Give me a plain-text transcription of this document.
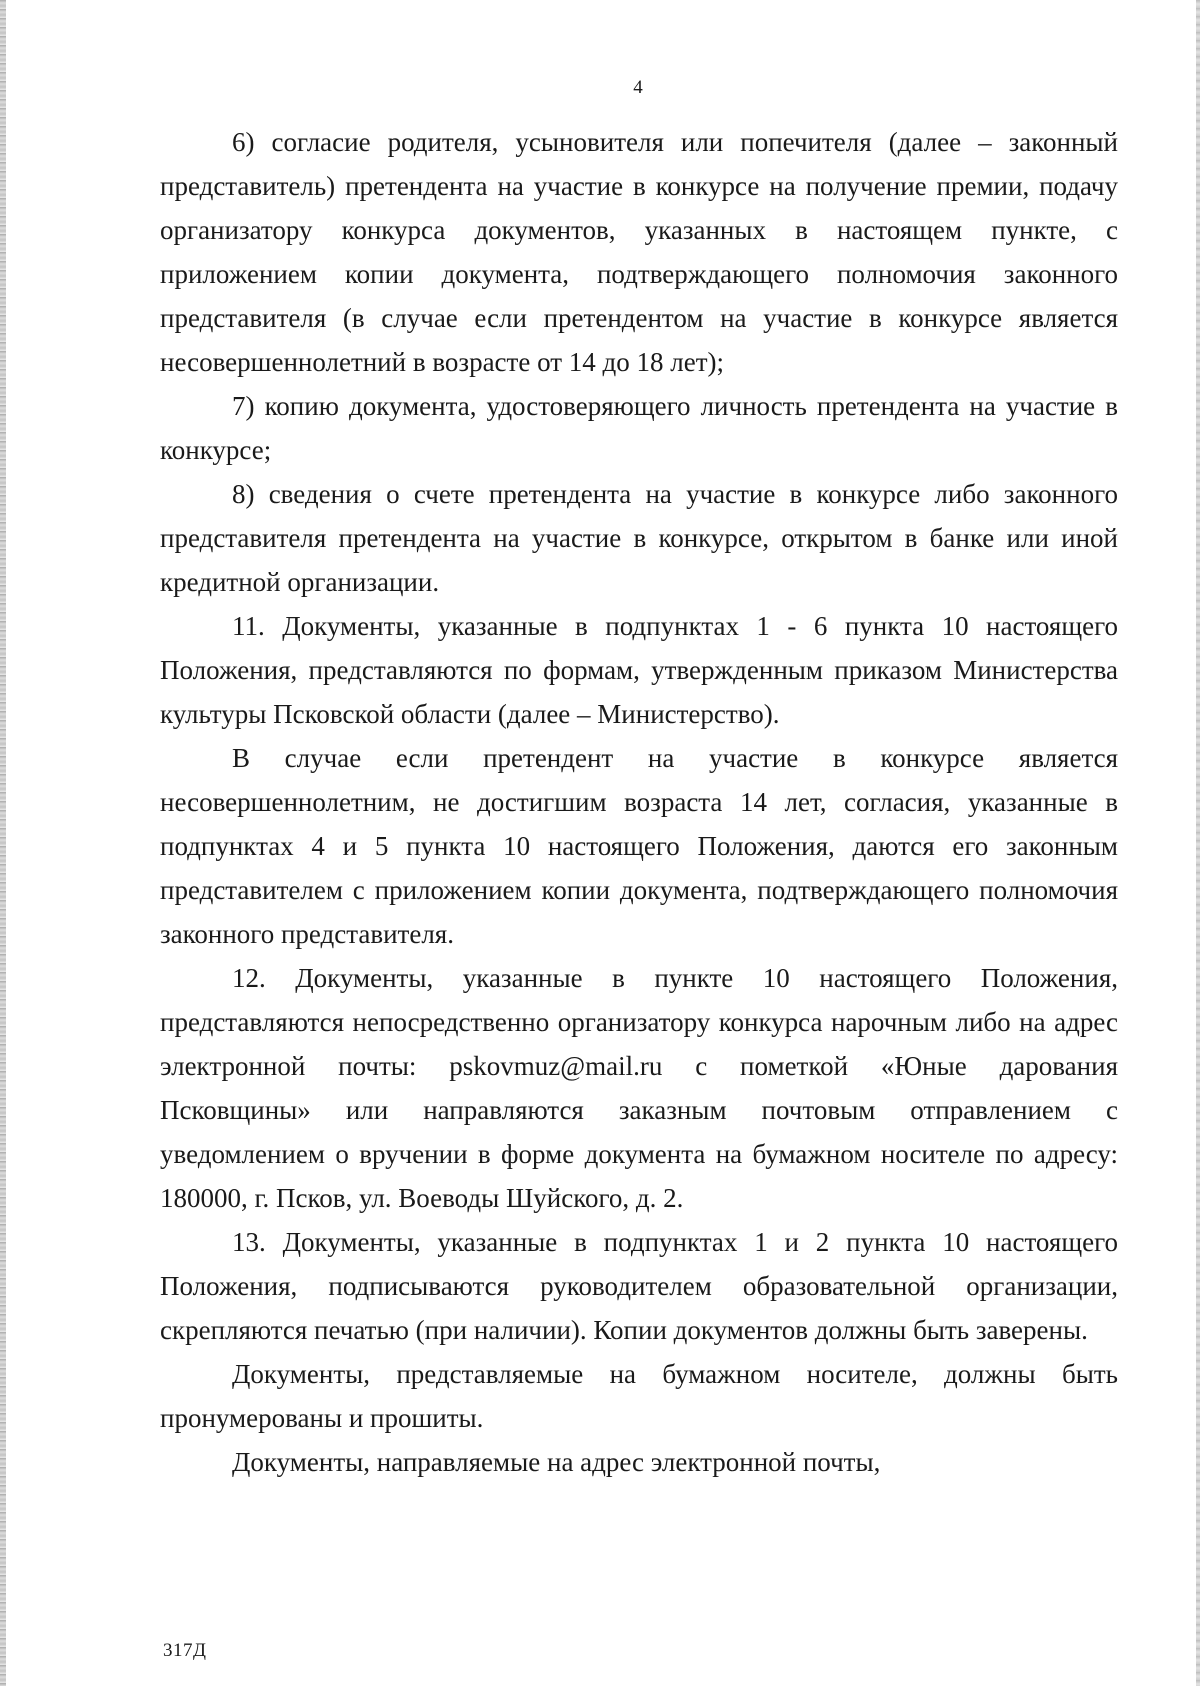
4

6) согласие родителя, усыновителя или попечителя (далее – законный представитель) претендента на участие в конкурсе на получение премии, подачу организатору конкурса документов, указанных в настоящем пункте, с приложением копии документа, подтверждающего полномочия законного представителя (в случае если претендентом на участие в конкурсе является несовершеннолетний в возрасте от 14 до 18 лет);

7) копию документа, удостоверяющего личность претендента на участие в конкурсе;

8) сведения о счете претендента на участие в конкурсе либо законного представителя претендента на участие в конкурсе, открытом в банке или иной кредитной организации.

11. Документы, указанные в подпунктах 1 - 6 пункта 10 настоящего Положения, представляются по формам, утвержденным приказом Министерства культуры Псковской области (далее – Министерство).

В случае если претендент на участие в конкурсе является несовершеннолетним, не достигшим возраста 14 лет, согласия, указанные в подпунктах 4 и 5 пункта 10 настоящего Положения, даются его законным представителем с приложением копии документа, подтверждающего полномочия законного представителя.

12. Документы, указанные в пункте 10 настоящего Положения, представляются непосредственно организатору конкурса нарочным либо на адрес электронной почты: pskovmuz@mail.ru с пометкой «Юные дарования Псковщины» или направляются заказным почтовым отправлением с уведомлением о вручении в форме документа на бумажном носителе по адресу: 180000, г. Псков, ул. Воеводы Шуйского, д. 2.

13. Документы, указанные в подпунктах 1 и 2 пункта 10 настоящего Положения, подписываются руководителем образовательной организации, скрепляются печатью (при наличии). Копии документов должны быть заверены.

Документы, представляемые на бумажном носителе, должны быть пронумерованы и прошиты.

Документы, направляемые на адрес электронной почты,

317Д
